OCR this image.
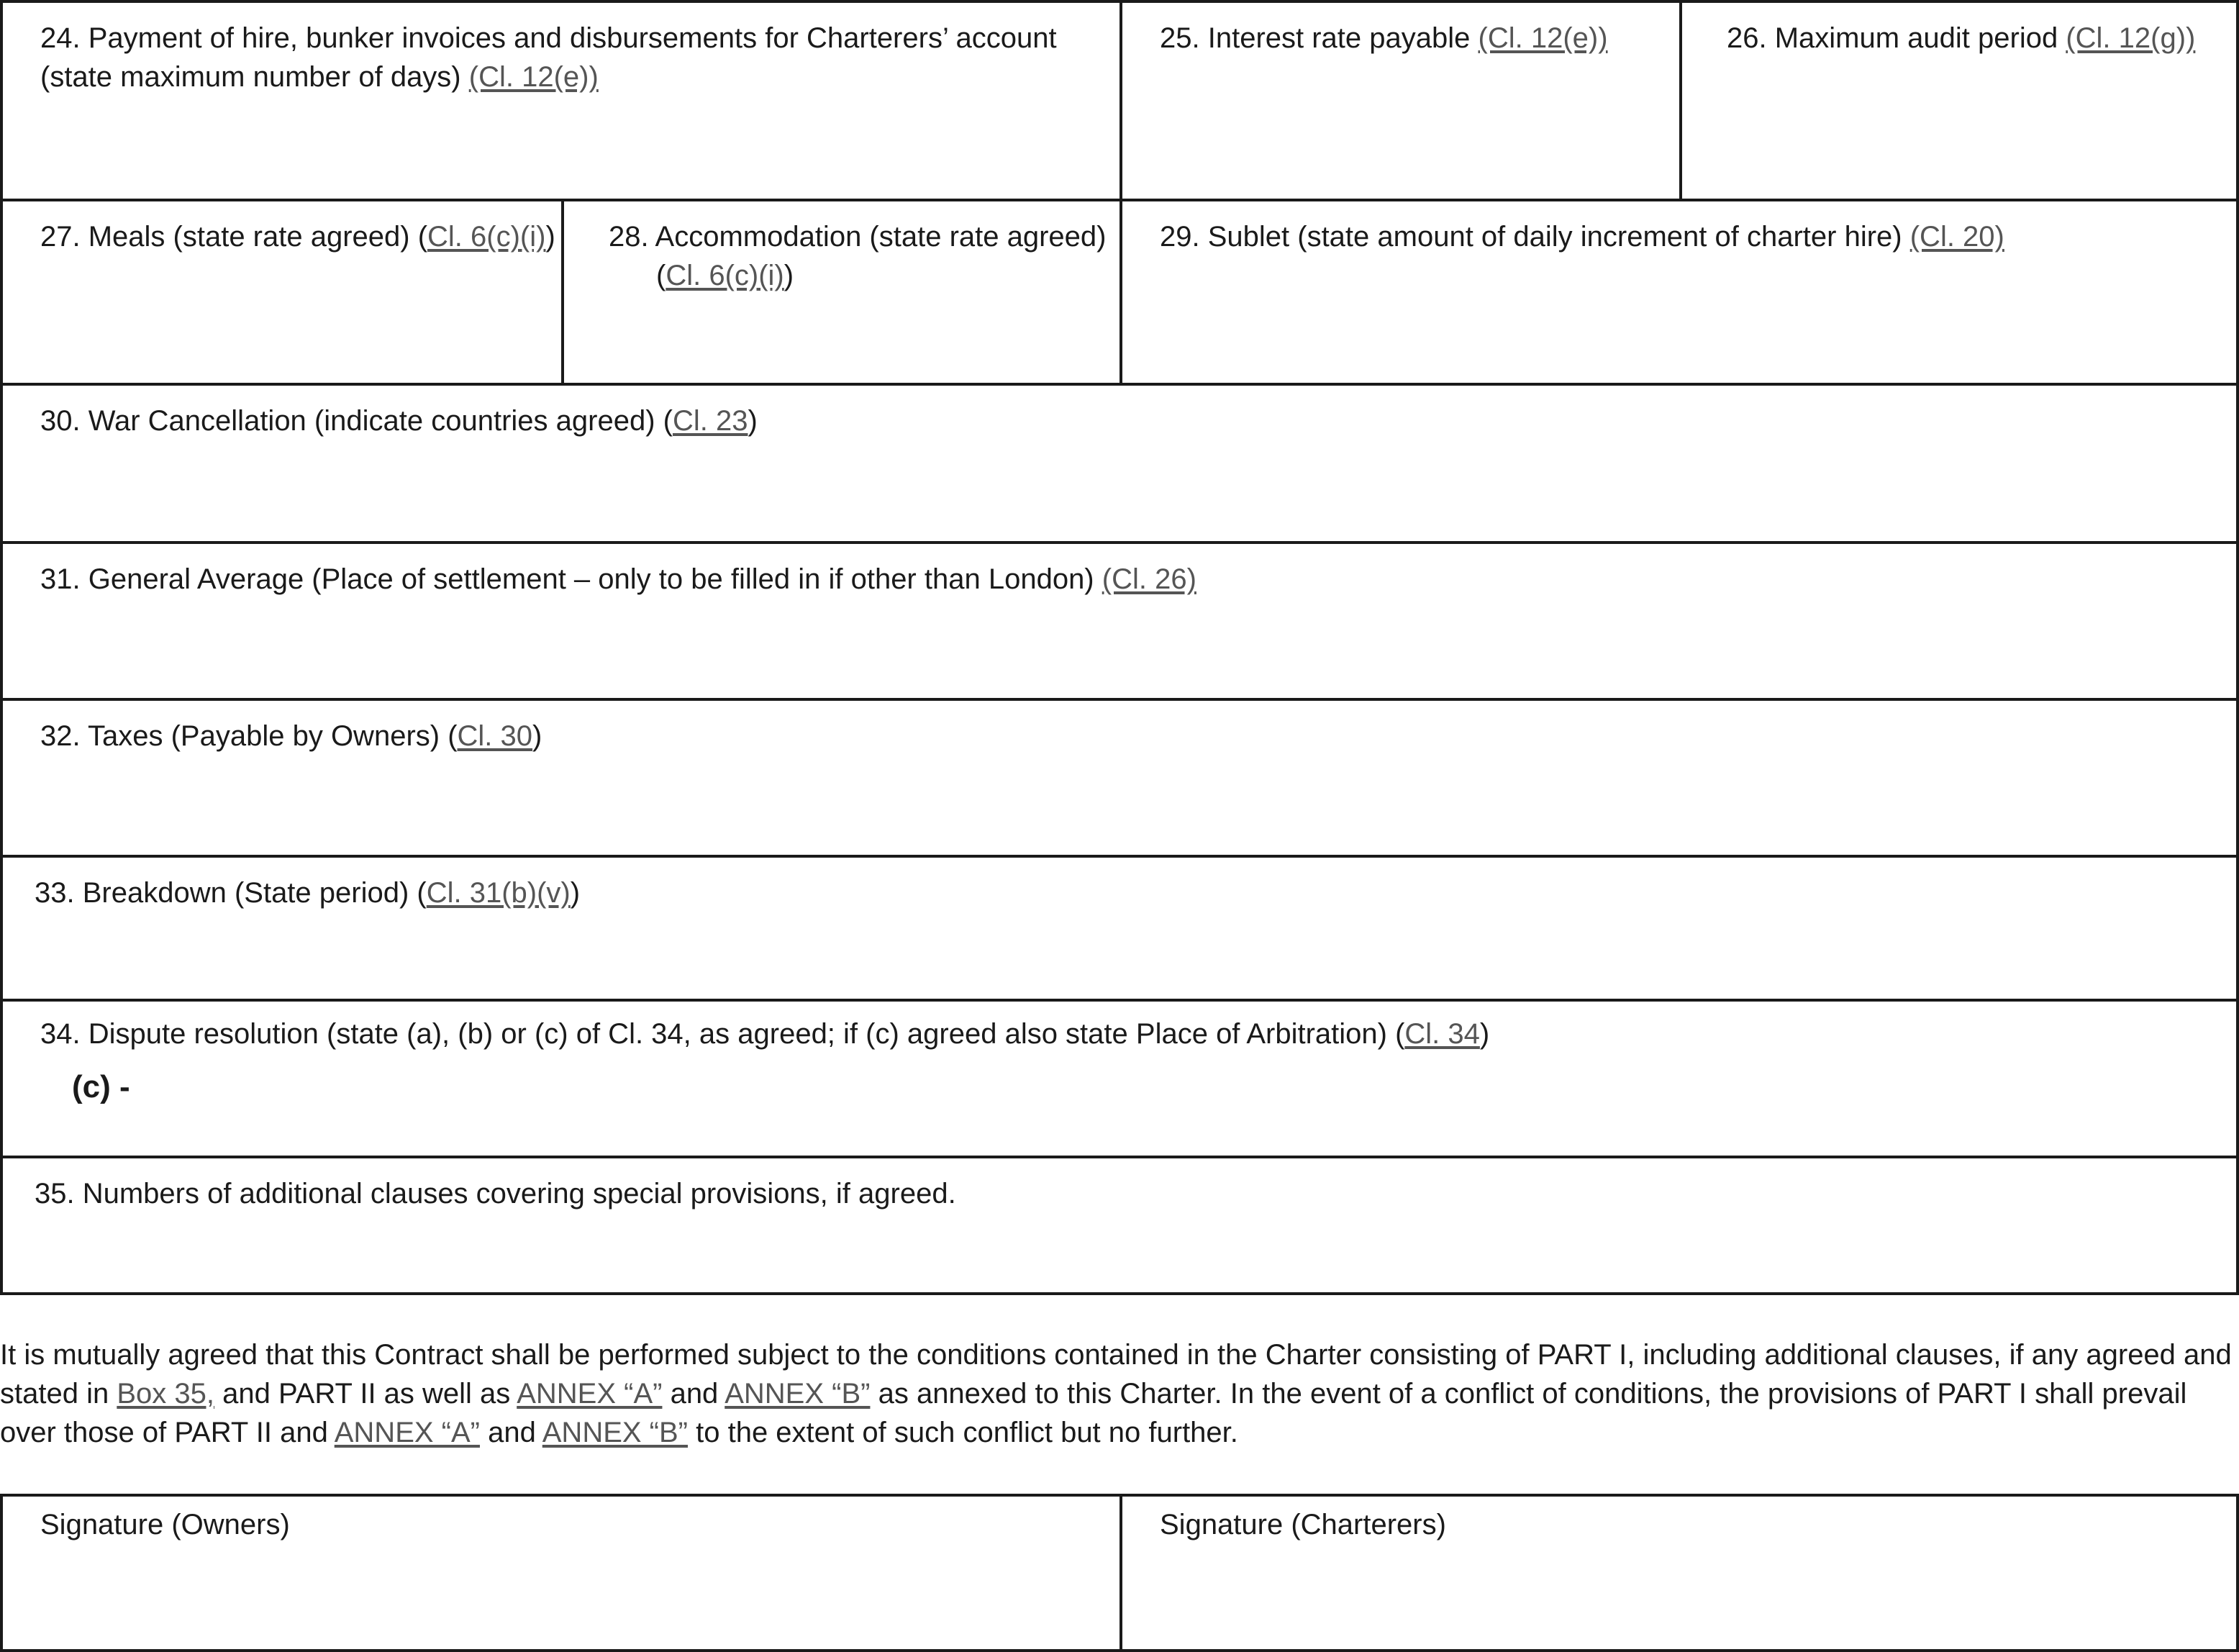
24. Payment of hire, bunker invoices and disbursements for Charterers’ account (state maximum number of days) (Cl. 12(e))
25. Interest rate payable (Cl. 12(e))	26. Maximum audit period (Cl. 12(g))
27. Meals (state rate agreed) (Cl. 6(c)(i)) 28. Accommodation (state rate agreed) (Cl. 6(c)(i))
29. Sublet (state amount of daily increment of charter hire) (Cl. 20)
30. War Cancellation (indicate countries agreed) (Cl. 23)
31. General Average (Place of settlement – only to be filled in if other than London) (Cl. 26)
32. Taxes (Payable by Owners) (Cl. 30)
33. Breakdown (State period) (Cl. 31(b)(v))
34. Dispute resolution (state (a), (b) or (c) of Cl. 34, as agreed; if (c) agreed also state Place of Arbitration) (Cl. 34)
(c) -
35. Numbers of additional clauses covering special provisions, if agreed.
It is mutually agreed that this Contract shall be performed subject to the conditions contained in the Charter consisting of PART I, including additional clauses, if any agreed and stated in Box 35, and PART II as well as ANNEX “A” and ANNEX “B” as annexed to this Charter. In the event of a conflict of conditions, the provisions of PART I shall prevail over those of PART II and ANNEX “A” and ANNEX “B” to the extent of such conflict but no further.
Signature (Owners)	Signature (Charterers)
